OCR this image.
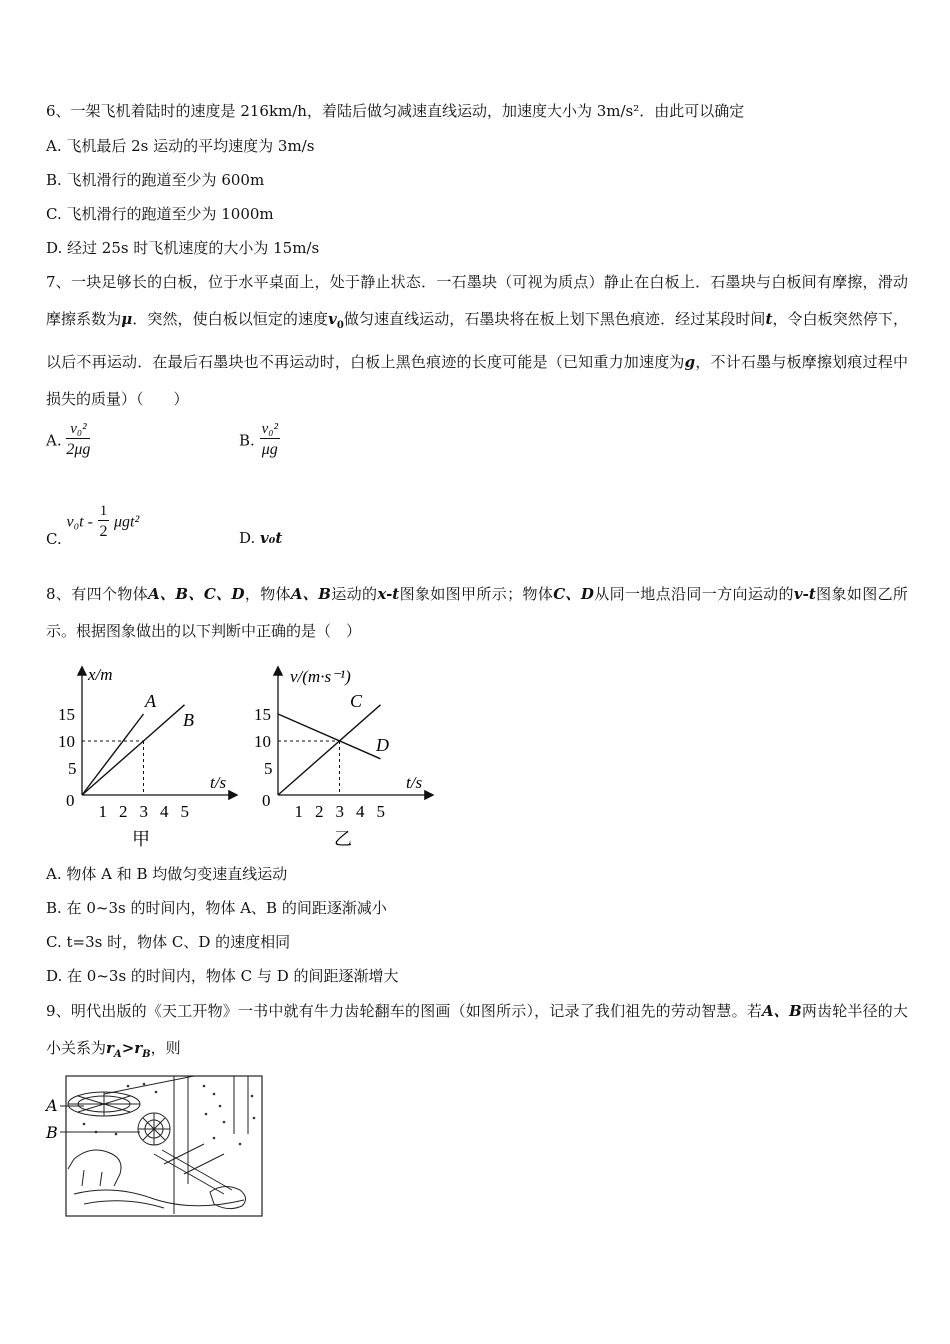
6、一架飞机着陆时的速度是 216km/h，着陆后做匀减速直线运动，加速度大小为 3m/s²．由此可以确定
A. 飞机最后 2s 运动的平均速度为 3m/s
B. 飞机滑行的跑道至少为 600m
C. 飞机滑行的跑道至少为 1000m
D. 经过 25s 时飞机速度的大小为 15m/s
7、一块足够长的白板，位于水平桌面上，处于静止状态．一石墨块（可视为质点）静止在白板上．石墨块与白板间有摩擦，滑动摩擦系数为μ．突然，使白板以恒定的速度$v_0$做匀速直线运动，石墨块将在板上划下黑色痕迹．经过某段时间t，令白板突然停下，以后不再运动．在最后石墨块也不再运动时，白板上黑色痕迹的长度可能是（已知重力加速度为g，不计石墨与板摩擦划痕过程中损失的质量）（　　）
A. $\frac{\text{v₀²}}{2\mu g}$	B. $\frac{\text{v₀²}}{\mu g}$
C. $v_0t - \frac{1}{2} \mu gt^2$
D. v₀t
8、有四个物体A、B、C、D，物体A、B运动的x-t图象如图甲所示；物体C、D从同一地点沿同一方向运动的v-t图象如图乙所示。根据图象做出的以下判断中正确的是（　）
x/m
t/s
0
1 2 3 4 5
5
10
15
A
B
甲
v/(m·s⁻¹)
t/s
0
1 2 3 4 5
5
10
15
C
D
乙
A. 物体 A 和 B 均做匀变速直线运动
B. 在 0~3s 的时间内，物体 A、B 的间距逐渐减小
C. t=3s 时，物体 C、D 的速度相同
D. 在 0~3s 的时间内，物体 C 与 D 的间距逐渐增大
9、明代出版的《天工开物》一书中就有牛力齿轮翻车的图画（如图所示），记录了我们祖先的劳动智慧。若A、B两齿轮半径的大小关系为$r_A>r_B$，则
A
B
